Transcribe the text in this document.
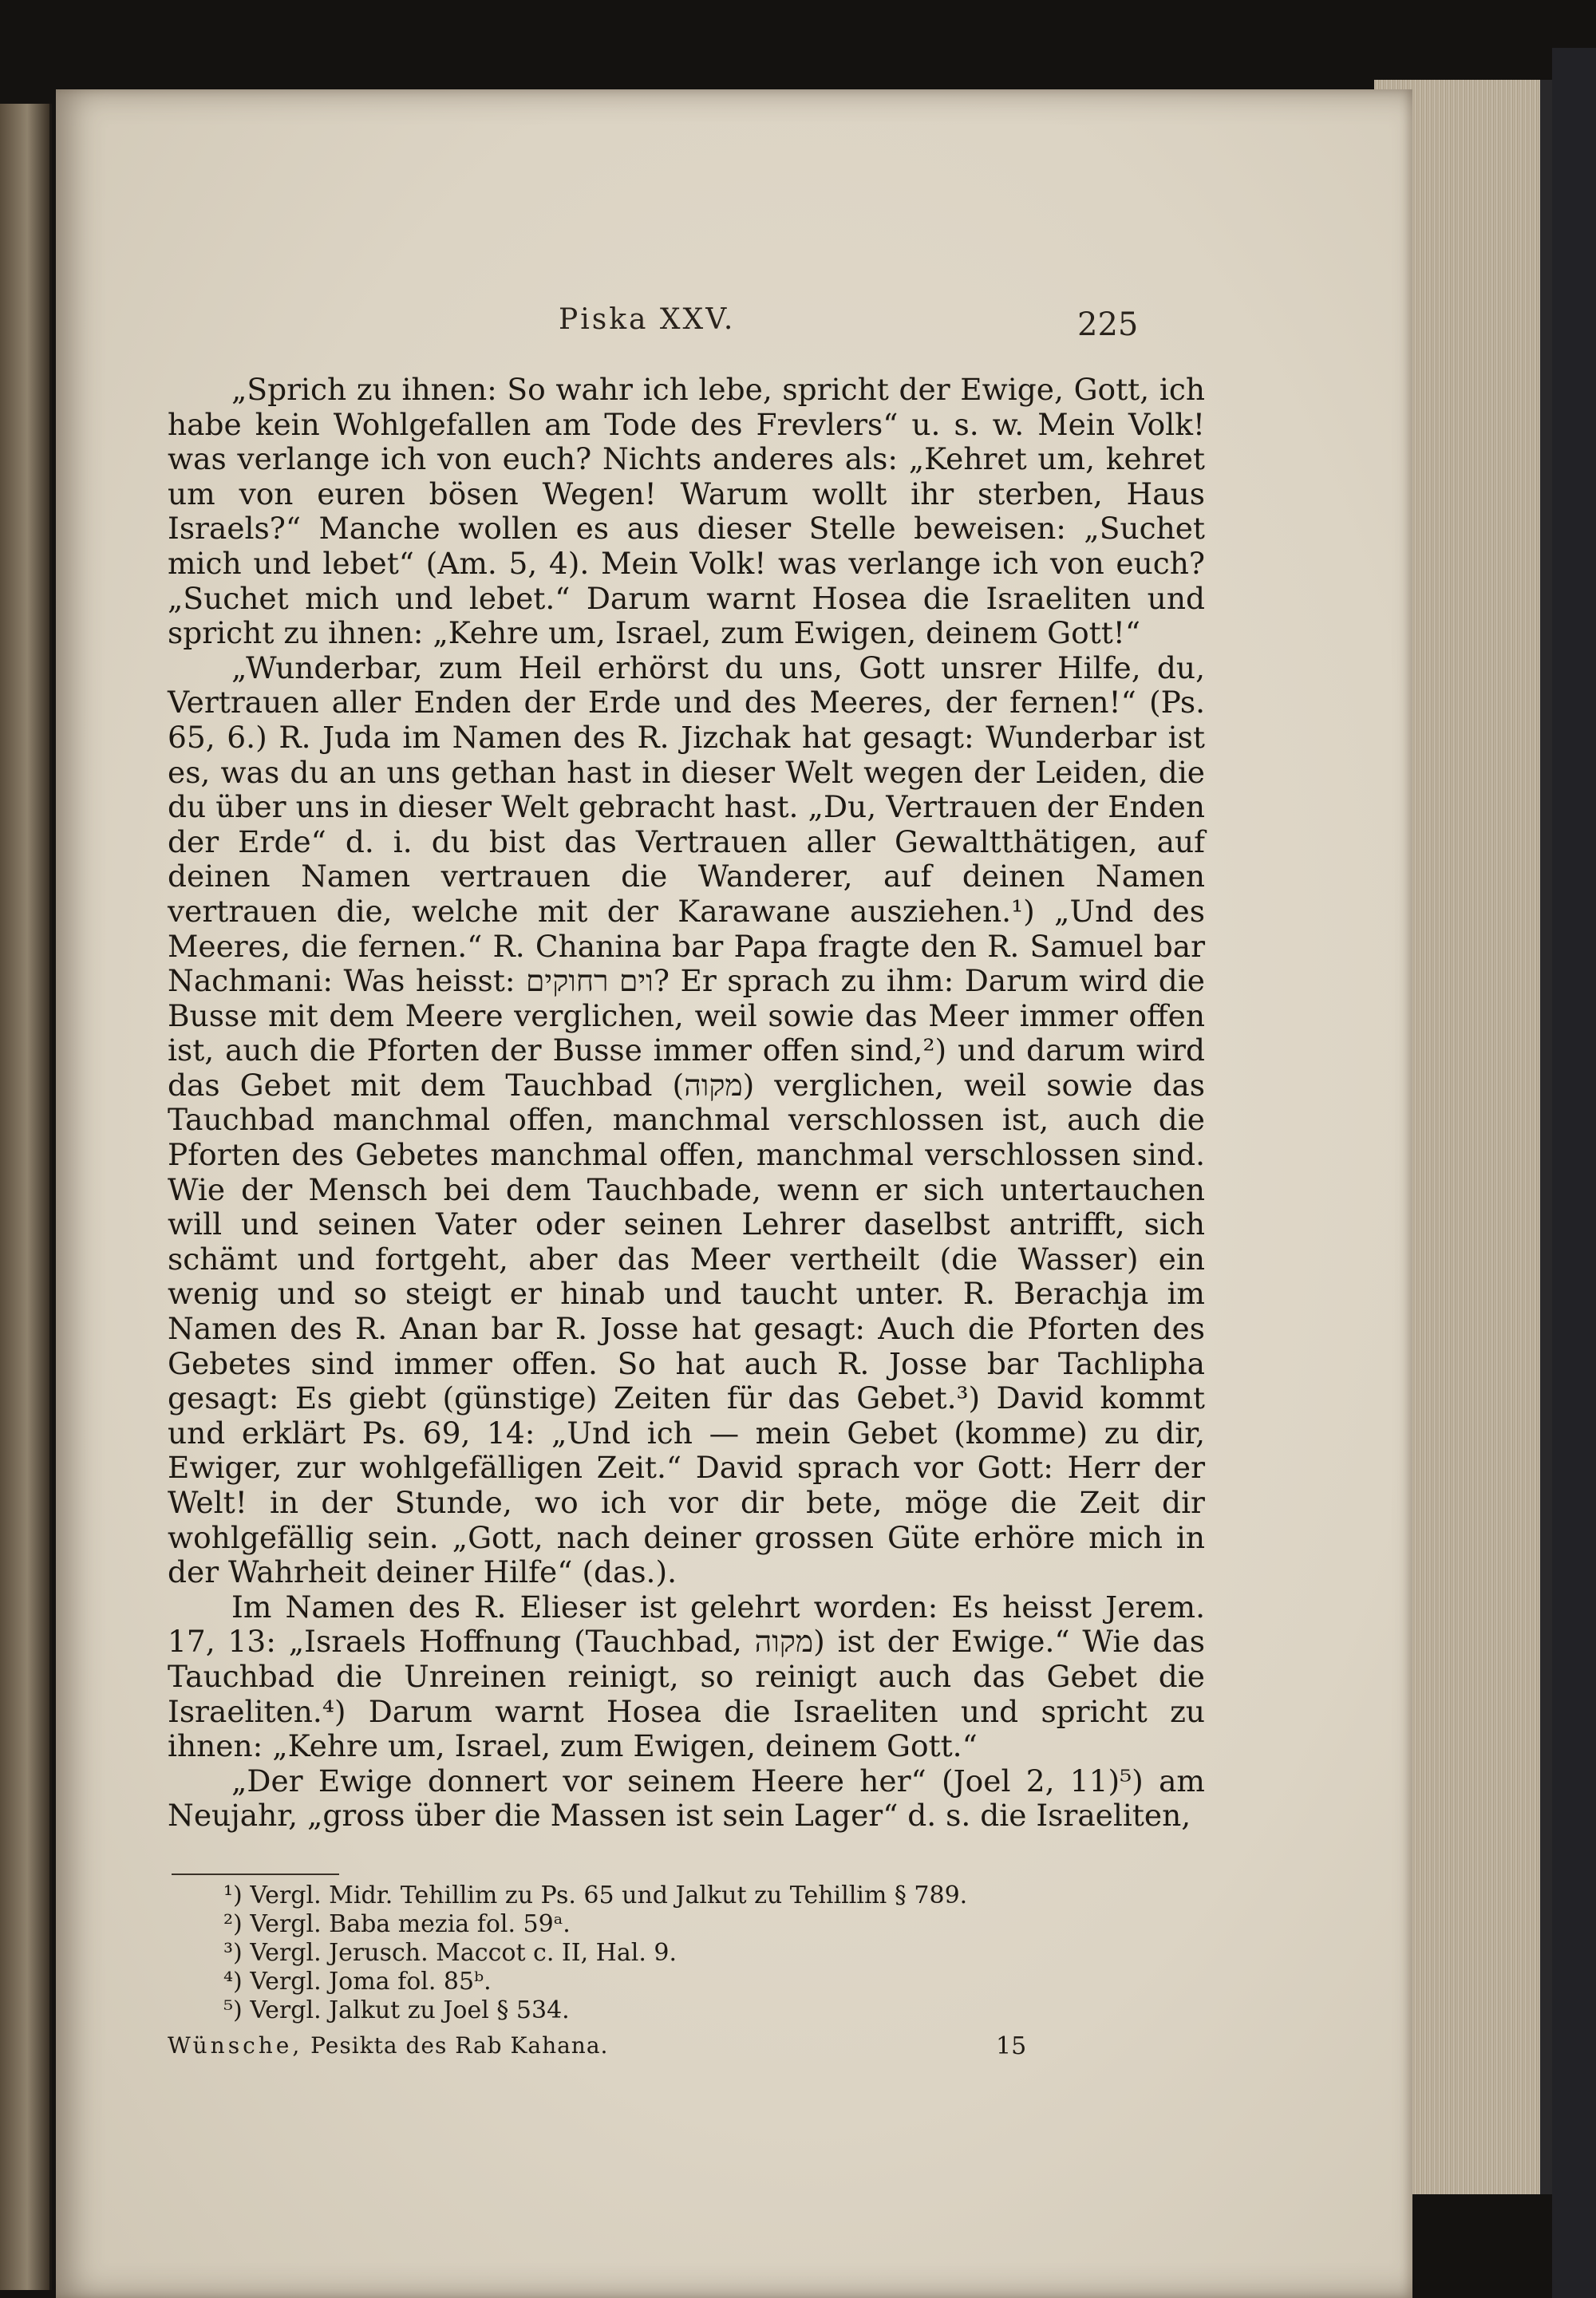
Piska XXV.	225

„Sprich zu ihnen: So wahr ich lebe, spricht der Ewige, Gott, ich habe kein Wohlgefallen am Tode des Frevlers“ u. s. w. Mein Volk! was verlange ich von euch? Nichts anderes als: „Kehret um, kehret um von euren bösen Wegen! Warum wollt ihr sterben, Haus Israels?“ Manche wollen es aus dieser Stelle beweisen: „Suchet mich und lebet“ (Am. 5, 4). Mein Volk! was verlange ich von euch? „Suchet mich und lebet.“ Darum warnt Hosea die Israeliten und spricht zu ihnen: „Kehre um, Israel, zum Ewigen, deinem Gott!“

„Wunderbar, zum Heil erhörst du uns, Gott unsrer Hilfe, du, Vertrauen aller Enden der Erde und des Meeres, der fernen!“ (Ps. 65, 6.) R. Juda im Namen des R. Jizchak hat gesagt: Wunderbar ist es, was du an uns gethan hast in dieser Welt wegen der Leiden, die du über uns in dieser Welt gebracht hast. „Du, Vertrauen der Enden der Erde“ d. i. du bist das Vertrauen aller Gewaltthätigen, auf deinen Namen vertrauen die Wanderer, auf deinen Namen vertrauen die, welche mit der Karawane ausziehen.¹) „Und des Meeres, die fernen.“ R. Chanina bar Papa fragte den R. Samuel bar Nachmani: Was heisst: וים רחוקים? Er sprach zu ihm: Darum wird die Busse mit dem Meere verglichen, weil sowie das Meer immer offen ist, auch die Pforten der Busse immer offen sind,²) und darum wird das Gebet mit dem Tauchbad (מקוה) verglichen, weil sowie das Tauchbad manchmal offen, manchmal verschlossen ist, auch die Pforten des Gebetes manchmal offen, manchmal verschlossen sind. Wie der Mensch bei dem Tauchbade, wenn er sich untertauchen will und seinen Vater oder seinen Lehrer daselbst antrifft, sich schämt und fortgeht, aber das Meer vertheilt (die Wasser) ein wenig und so steigt er hinab und taucht unter. R. Berachja im Namen des R. Anan bar R. Josse hat gesagt: Auch die Pforten des Gebetes sind immer offen. So hat auch R. Josse bar Tachlipha gesagt: Es giebt (günstige) Zeiten für das Gebet.³) David kommt und erklärt Ps. 69, 14: „Und ich — mein Gebet (komme) zu dir, Ewiger, zur wohlgefälligen Zeit.“ David sprach vor Gott: Herr der Welt! in der Stunde, wo ich vor dir bete, möge die Zeit dir wohlgefällig sein. „Gott, nach deiner grossen Güte erhöre mich in der Wahrheit deiner Hilfe“ (das.).

Im Namen des R. Elieser ist gelehrt worden: Es heisst Jerem. 17, 13: „Israels Hoffnung (Tauchbad, מקוה) ist der Ewige.“ Wie das Tauchbad die Unreinen reinigt, so reinigt auch das Gebet die Israeliten.⁴) Darum warnt Hosea die Israeliten und spricht zu ihnen: „Kehre um, Israel, zum Ewigen, deinem Gott.“

„Der Ewige donnert vor seinem Heere her“ (Joel 2, 11)⁵) am Neujahr, „gross über die Massen ist sein Lager“ d. s. die Israeliten,

¹) Vergl. Midr. Tehillim zu Ps. 65 und Jalkut zu Tehillim § 789.
²) Vergl. Baba mezia fol. 59ᵃ.
³) Vergl. Jerusch. Maccot c. II, Hal. 9.
⁴) Vergl. Joma fol. 85ᵇ.
⁵) Vergl. Jalkut zu Joel § 534.
Wünsche, Pesikta des Rab Kahana.	15
